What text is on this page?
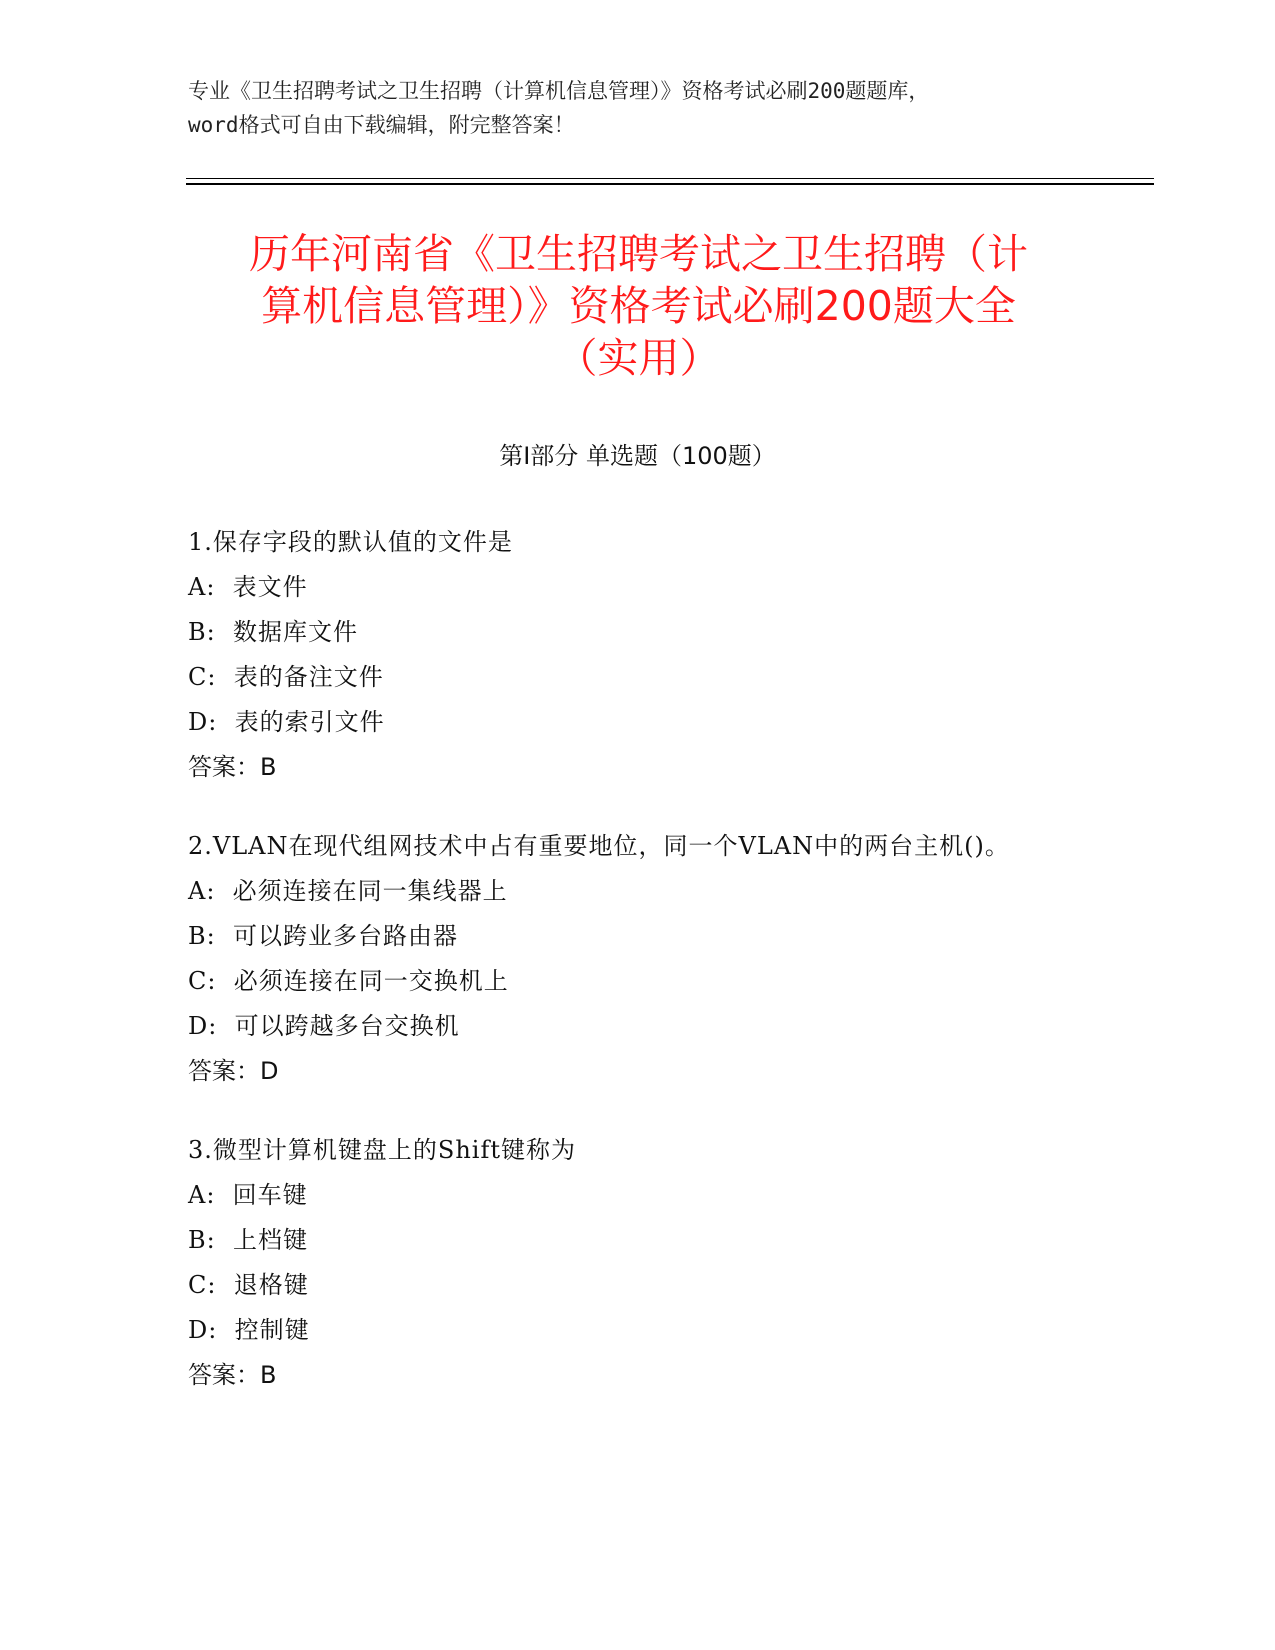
专业《卫生招聘考试之卫生招聘（计算机信息管理）》资格考试必刷200题题库，
word格式可自由下载编辑，附完整答案！
历年河南省《卫生招聘考试之卫生招聘（计
算机信息管理）》资格考试必刷200题大全
（实用）
第Ⅰ部分 单选题（100题）
1.保存字段的默认值的文件是
A:  表文件
B:  数据库文件
C:  表的备注文件
D:  表的索引文件
答案：B
2.VLAN在现代组网技术中占有重要地位，同一个VLAN中的两台主机()。
A:  必须连接在同一集线器上
B:  可以跨业多台路由器
C:  必须连接在同一交换机上
D:  可以跨越多台交换机
答案：D
3.微型计算机键盘上的Shift键称为
A:  回车键
B:  上档键
C:  退格键
D:  控制键
答案：B
